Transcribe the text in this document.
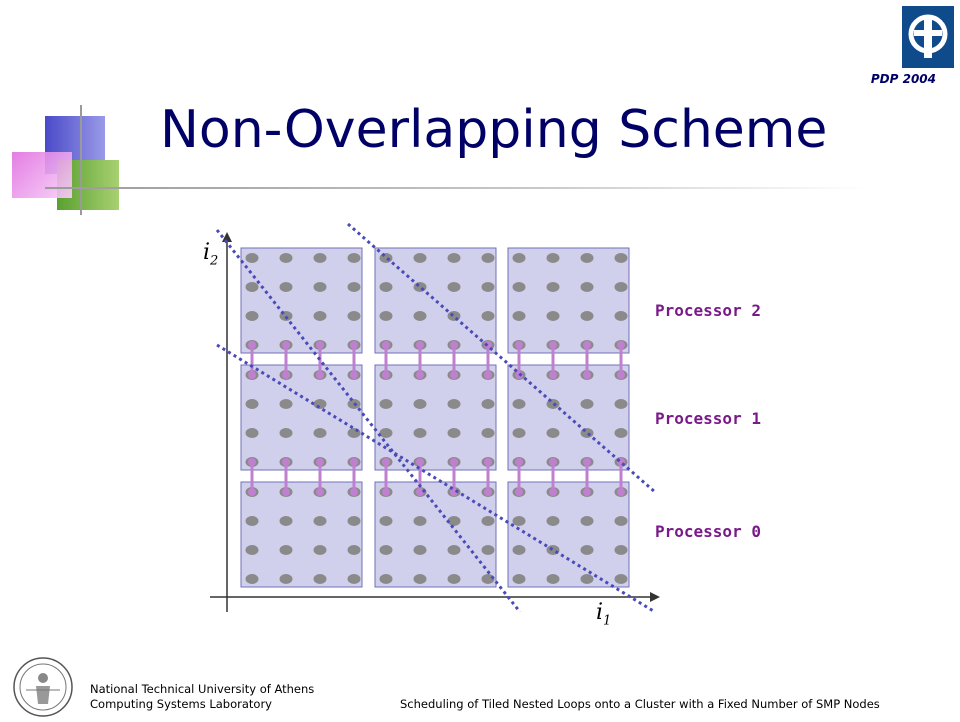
Non-Overlapping Scheme
PDP 2004
$i_2$
$i_1$
Processor 2
Processor 1
Processor 0
National Technical University of Athens
Computing Systems Laboratory	Scheduling of Tiled Nested Loops onto a Cluster with a Fixed Number of SMP Nodes
